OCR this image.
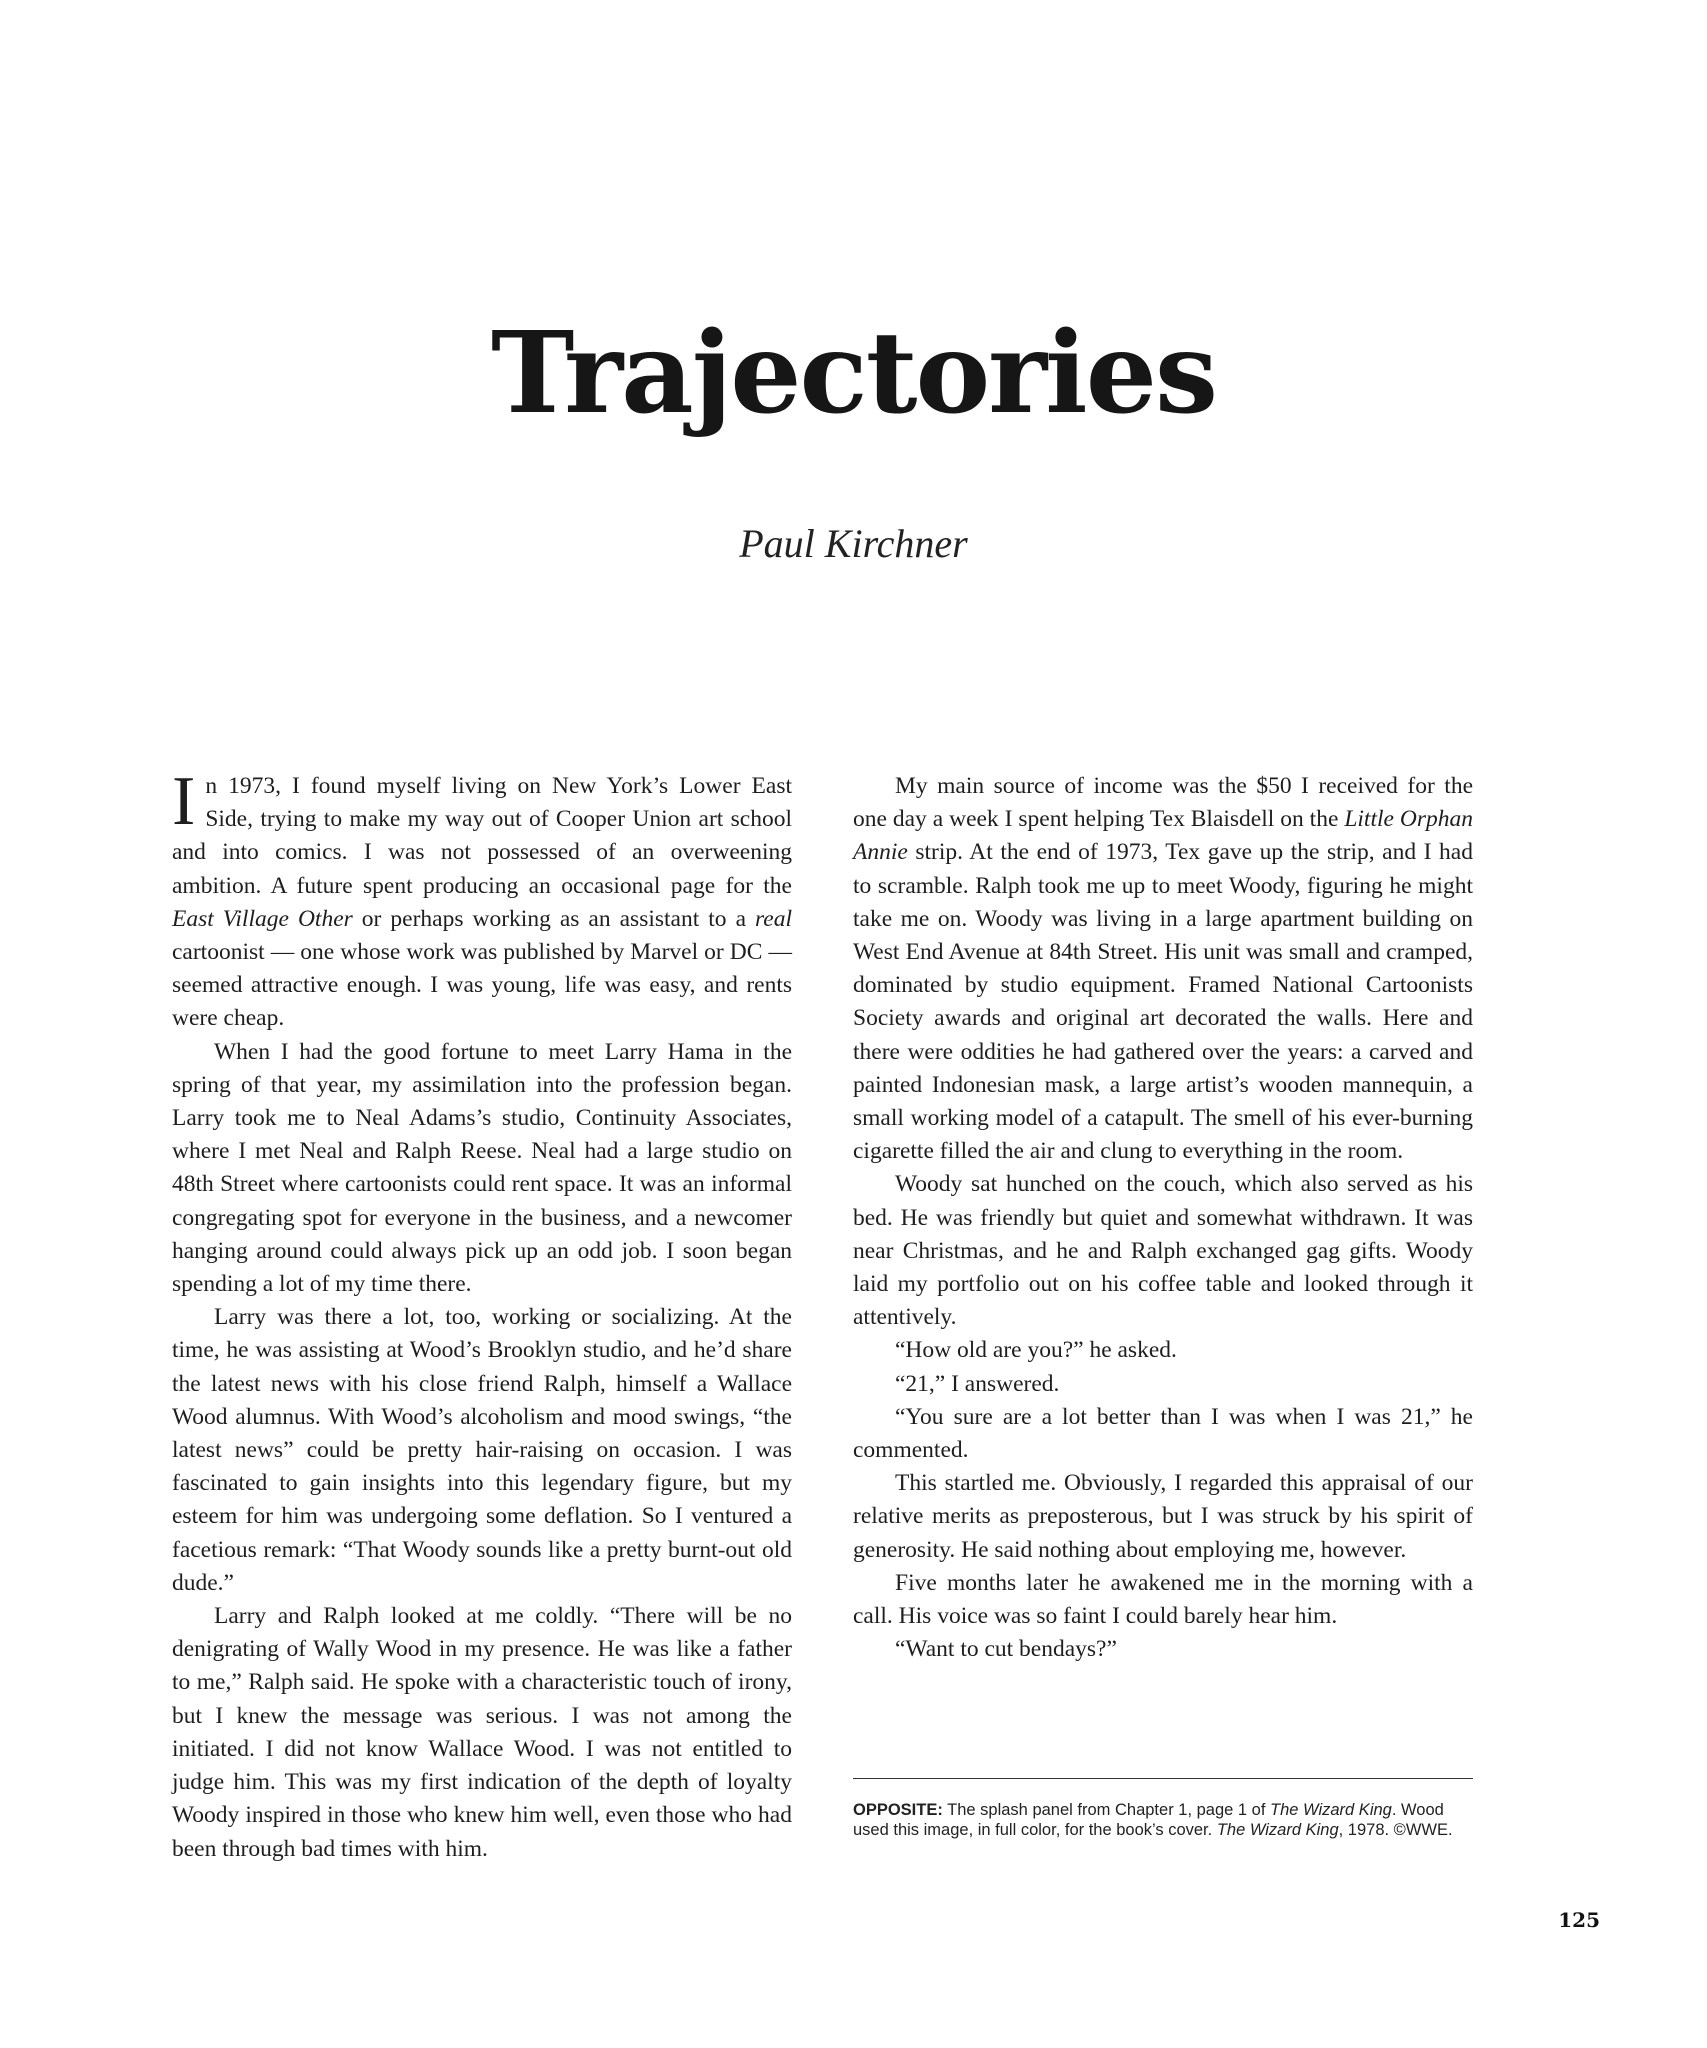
Trajectories
Paul Kirchner

In 1973, I found myself living on New York’s Lower East Side, trying to make my way out of Cooper Union art school and into comics. I was not possessed of an overweening ambition. A future spent producing an occasional page for the East Village Other or perhaps working as an assistant to a real cartoonist — one whose work was published by Marvel or DC — seemed attractive enough. I was young, life was easy, and rents were cheap.

When I had the good fortune to meet Larry Hama in the spring of that year, my assimilation into the profession began. Larry took me to Neal Adams’s studio, Continuity Associates, where I met Neal and Ralph Reese. Neal had a large studio on 48th Street where cartoonists could rent space. It was an informal congregating spot for everyone in the business, and a newcomer hanging around could always pick up an odd job. I soon began spending a lot of my time there.

Larry was there a lot, too, working or socializing. At the time, he was assisting at Wood’s Brooklyn studio, and he’d share the latest news with his close friend Ralph, himself a Wallace Wood alumnus. With Wood’s alcoholism and mood swings, “the latest news” could be pretty hair-raising on occasion. I was fascinated to gain insights into this legendary figure, but my esteem for him was undergoing some deflation. So I ventured a facetious remark: “That Woody sounds like a pretty burnt-out old dude.”

Larry and Ralph looked at me coldly. “There will be no denigrating of Wally Wood in my presence. He was like a father to me,” Ralph said. He spoke with a characteristic touch of irony, but I knew the message was serious. I was not among the initiated. I did not know Wallace Wood. I was not entitled to judge him. This was my first indication of the depth of loyalty Woody inspired in those who knew him well, even those who had been through bad times with him.

My main source of income was the $50 I received for the one day a week I spent helping Tex Blaisdell on the Little Orphan Annie strip. At the end of 1973, Tex gave up the strip, and I had to scramble. Ralph took me up to meet Woody, figuring he might take me on. Woody was living in a large apartment building on West End Avenue at 84th Street. His unit was small and cramped, dominated by studio equipment. Framed National Cartoonists Society awards and original art decorated the walls. Here and there were oddities he had gathered over the years: a carved and painted Indonesian mask, a large artist’s wooden mannequin, a small working model of a catapult. The smell of his ever-burning cigarette filled the air and clung to everything in the room.

Woody sat hunched on the couch, which also served as his bed. He was friendly but quiet and somewhat withdrawn. It was near Christmas, and he and Ralph exchanged gag gifts. Woody laid my portfolio out on his coffee table and looked through it attentively.

“How old are you?” he asked.

“21,” I answered.

“You sure are a lot better than I was when I was 21,” he commented.

This startled me. Obviously, I regarded this appraisal of our relative merits as preposterous, but I was struck by his spirit of generosity. He said nothing about employing me, however.

Five months later he awakened me in the morning with a call. His voice was so faint I could barely hear him.

“Want to cut bendays?”

OPPOSITE: The splash panel from Chapter 1, page 1 of The Wizard King. Wood used this image, in full color, for the book’s cover. The Wizard King, 1978. ©WWE.
125
